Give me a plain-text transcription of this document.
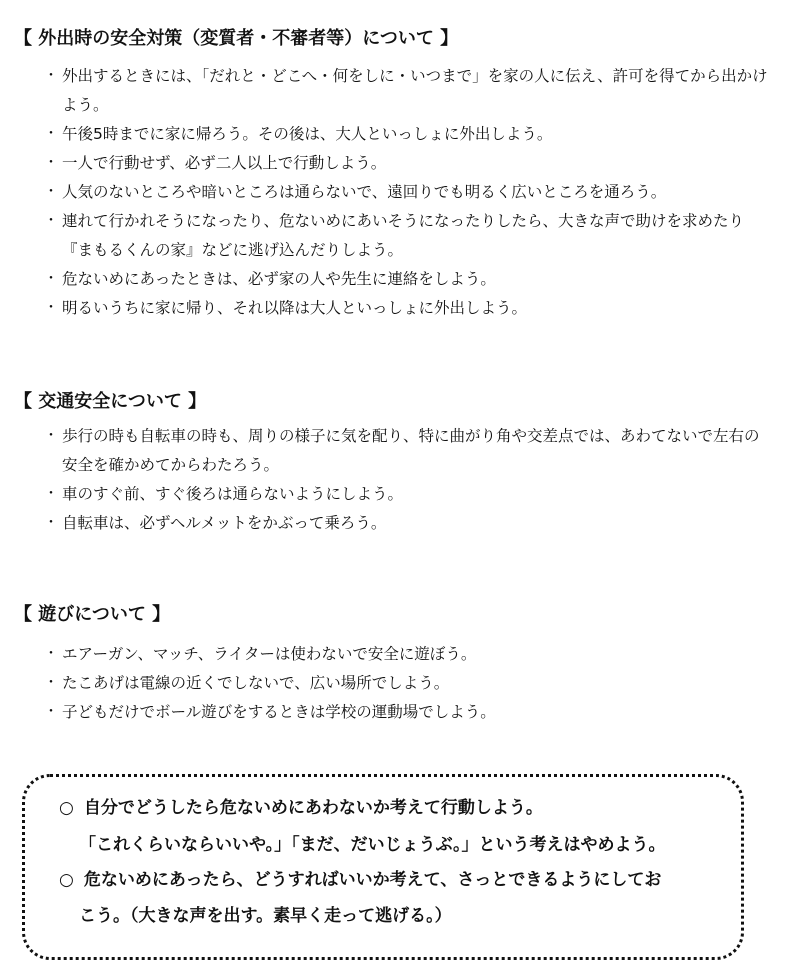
【 外出時の安全対策（変質者・不審者等）について 】
・ 外出するときには、「だれと・どこへ・何をしに・いつまで」を家の人に伝え、許可を得てから出かけよう。
・ 午後5時までに家に帰ろう。その後は、大人といっしょに外出しよう。
・ 一人で行動せず、必ず二人以上で行動しよう。
・ 人気のないところや暗いところは通らないで、遠回りでも明るく広いところを通ろう。
・ 連れて行かれそうになったり、危ないめにあいそうになったりしたら、大きな声で助けを求めたり『まもるくんの家』などに逃げ込んだりしよう。
・ 危ないめにあったときは、必ず家の人や先生に連絡をしよう。
・ 明るいうちに家に帰り、それ以降は大人といっしょに外出しよう。
【 交通安全について 】
・ 歩行の時も自転車の時も、周りの様子に気を配り、特に曲がり角や交差点では、あわてないで左右の安全を確かめてからわたろう。
・ 車のすぐ前、すぐ後ろは通らないようにしよう。
・ 自転車は、必ずヘルメットをかぶって乗ろう。
【 遊びについて 】
・ エアーガン、マッチ、ライターは使わないで安全に遊ぼう。
・ たこあげは電線の近くでしないで、広い場所でしよう。
・ 子どもだけでボール遊びをするときは学校の運動場でしよう。
○ 自分でどうしたら危ないめにあわないか考えて行動しよう。
「これくらいならいいや。」「まだ、だいじょうぶ。」という考えはやめよう。
○ 危ないめにあったら、どうすればいいか考えて、さっとできるようにしてお
こう。（大きな声を出す。素早く走って逃げる。）
